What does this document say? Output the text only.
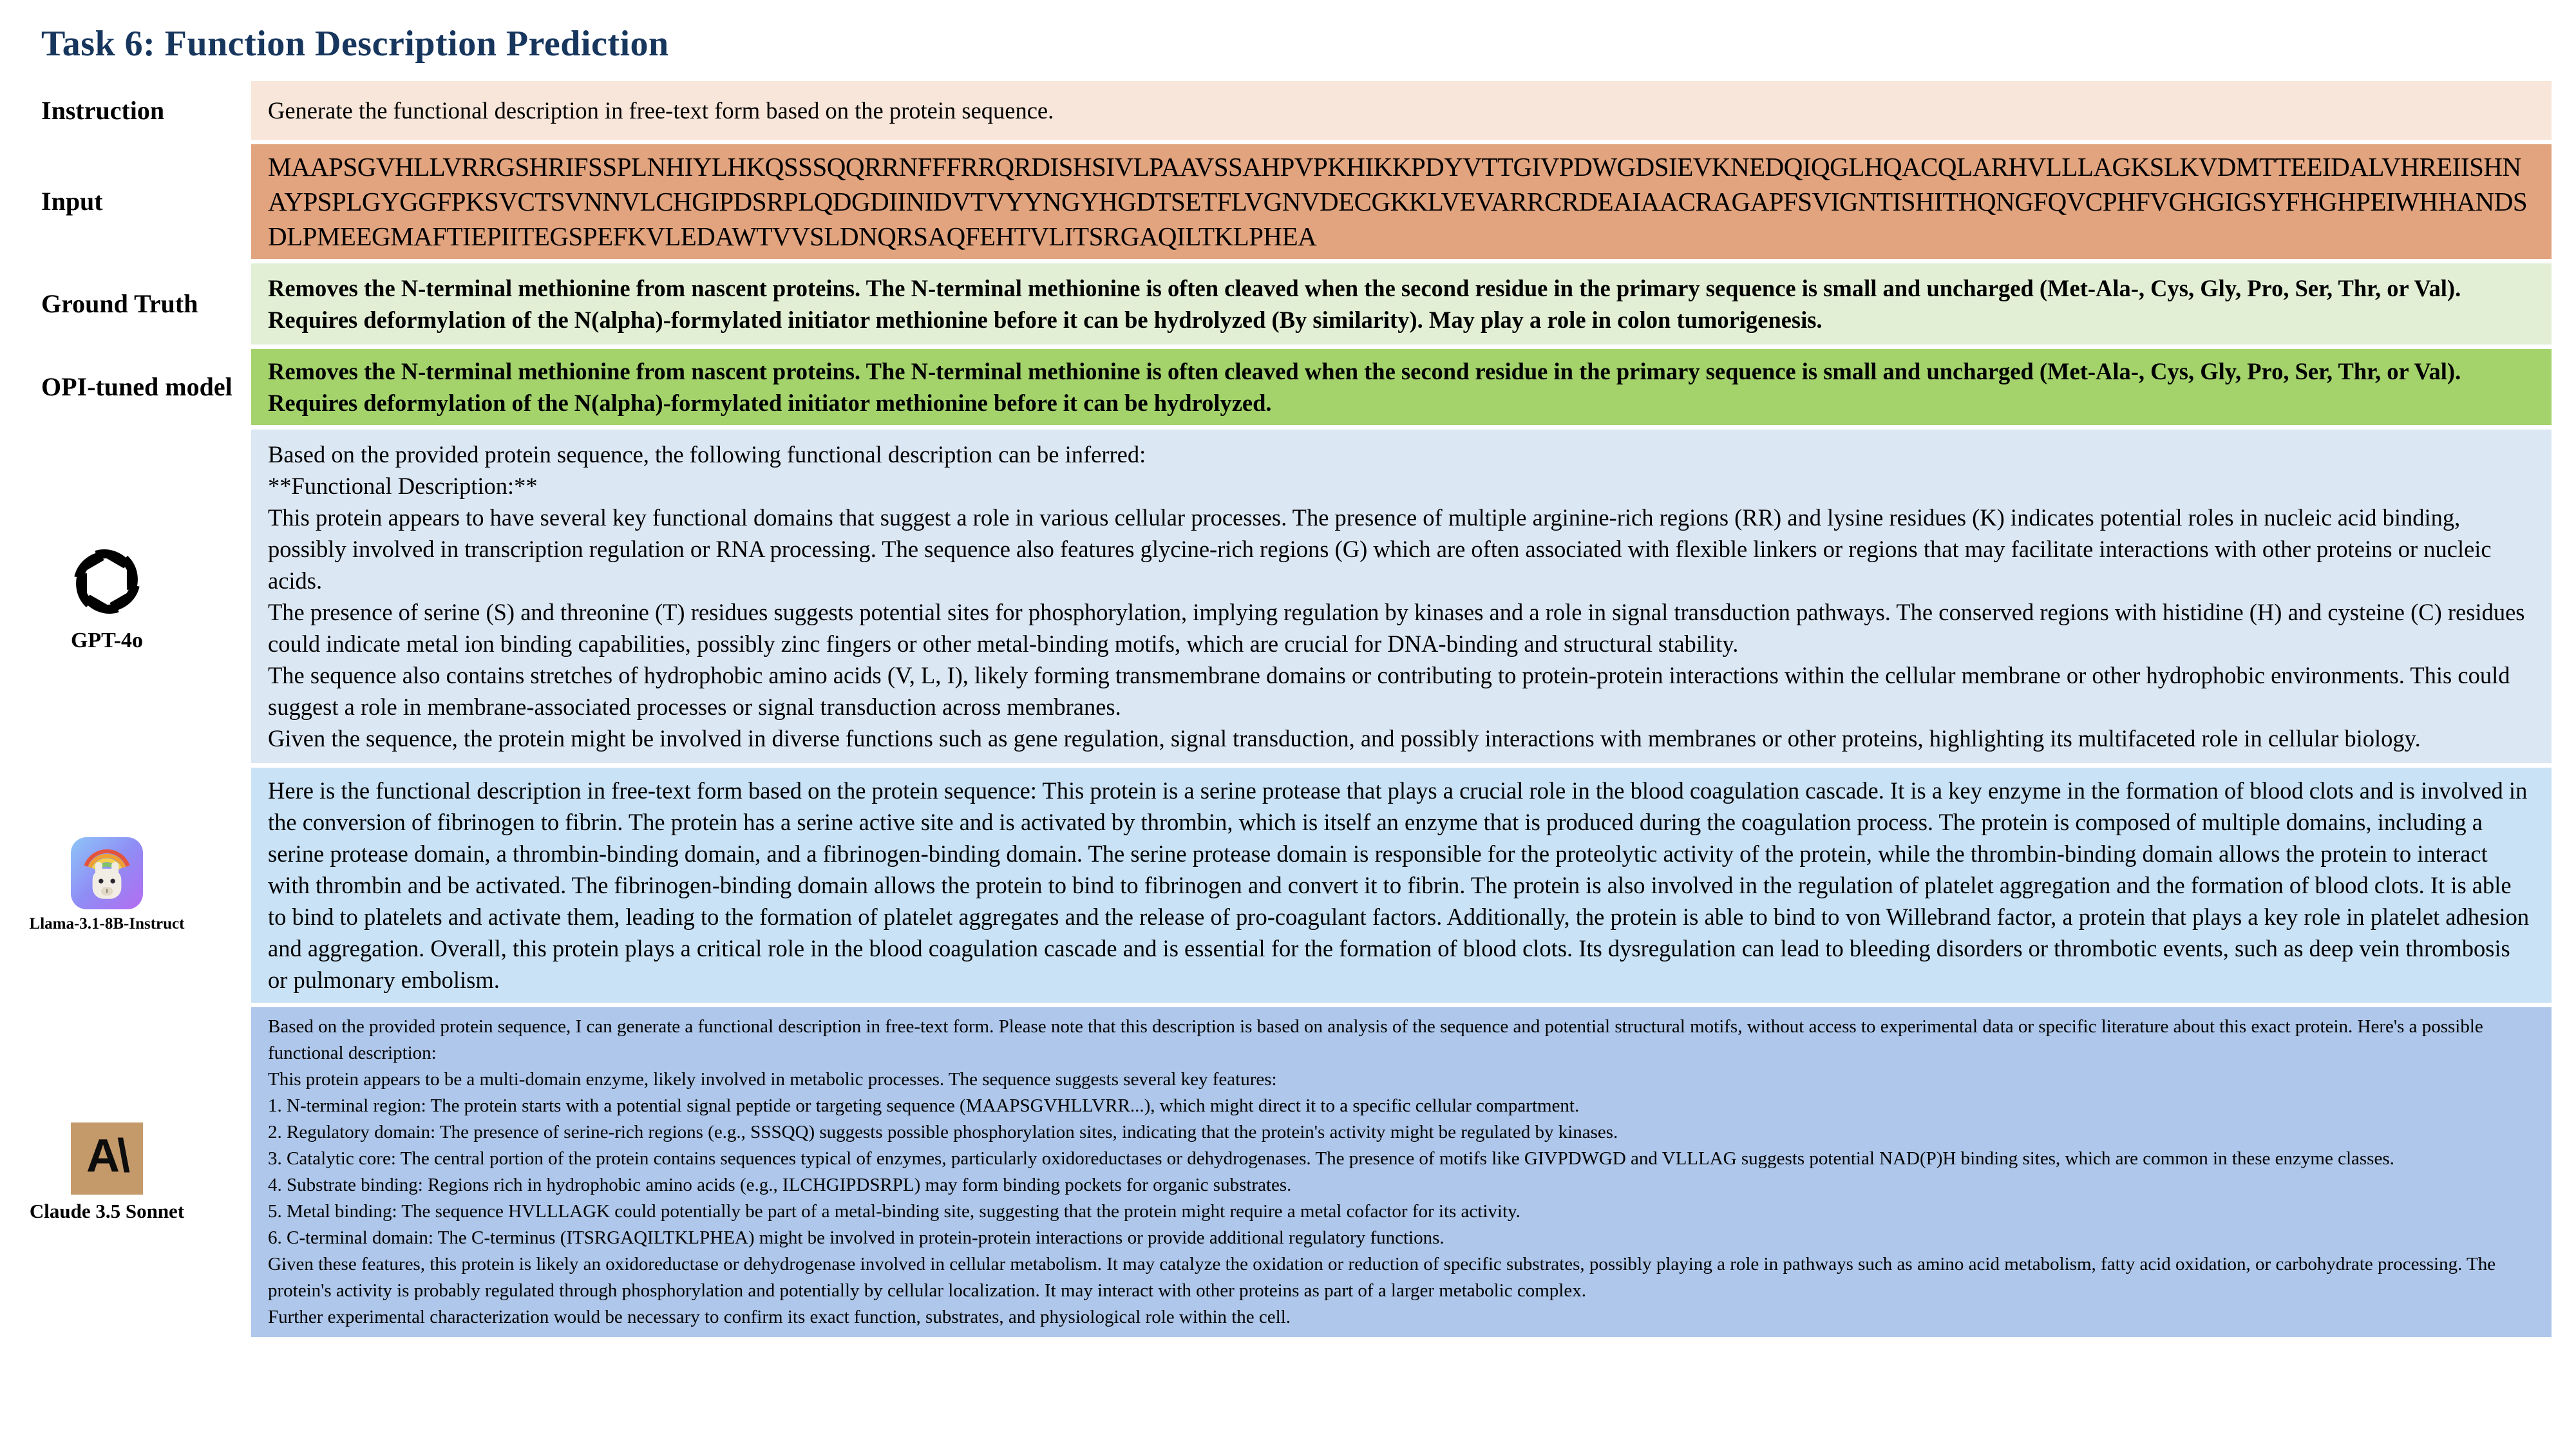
Task 6: Function Description Prediction
Instruction	Generate the functional description in free-text form based on the protein sequence.
Input
MAAPSGVHLLVRRGSHRIFSSPLNHIYLHKQSSSQQRRNFFFRRQRDISHSIVLPAAVSSAHPVPKHIKKPDYVTTGIVPDWGDSIEVKNEDQIQGLHQACQLARHVLLLAGKSLKVDMTTEEIDALVHREIISHNAYPSPLGYGGFPKSVCTSVNNVLCHGIPDSRPLQDGDIINIDVTVYYNGYHGDTSETFLVGNVDECGKKLVEVARRCRDEAIAACRAGAPFSVIGNTISHITHQNGFQVCPHFVGHGIGSYFHGHPEIWHHANDSDLPMEEGMAFTIEPIITEGSPEFKVLEDAWTVVSLDNQRSAQFEHTVLITSRGAQILTKLPHEA
Ground Truth
Removes the N-terminal methionine from nascent proteins. The N-terminal methionine is often cleaved when the second residue in the primary sequence is small and uncharged (Met-Ala-, Cys, Gly, Pro, Ser, Thr, or Val). Requires deformylation of the N(alpha)-formylated initiator methionine before it can be hydrolyzed (By similarity). May play a role in colon tumorigenesis.
OPI-tuned model
Removes the N-terminal methionine from nascent proteins. The N-terminal methionine is often cleaved when the second residue in the primary sequence is small and uncharged (Met-Ala-, Cys, Gly, Pro, Ser, Thr, or Val). Requires deformylation of the N(alpha)-formylated initiator methionine before it can be hydrolyzed.
GPT-4o
Based on the provided protein sequence, the following functional description can be inferred:
**Functional Description:**
This protein appears to have several key functional domains that suggest a role in various cellular processes. The presence of multiple arginine-rich regions (RR) and lysine residues (K) indicates potential roles in nucleic acid binding, possibly involved in transcription regulation or RNA processing. The sequence also features glycine-rich regions (G) which are often associated with flexible linkers or regions that may facilitate interactions with other proteins or nucleic acids.
The presence of serine (S) and threonine (T) residues suggests potential sites for phosphorylation, implying regulation by kinases and a role in signal transduction pathways. The conserved regions with histidine (H) and cysteine (C) residues could indicate metal ion binding capabilities, possibly zinc fingers or other metal-binding motifs, which are crucial for DNA-binding and structural stability.
The sequence also contains stretches of hydrophobic amino acids (V, L, I), likely forming transmembrane domains or contributing to protein-protein interactions within the cellular membrane or other hydrophobic environments. This could suggest a role in membrane-associated processes or signal transduction across membranes.
Given the sequence, the protein might be involved in diverse functions such as gene regulation, signal transduction, and possibly interactions with membranes or other proteins, highlighting its multifaceted role in cellular biology.
Llama-3.1-8B-Instruct
Here is the functional description in free-text form based on the protein sequence: This protein is a serine protease that plays a crucial role in the blood coagulation cascade. It is a key enzyme in the formation of blood clots and is involved in the conversion of fibrinogen to fibrin. The protein has a serine active site and is activated by thrombin, which is itself an enzyme that is produced during the coagulation process. The protein is composed of multiple domains, including a serine protease domain, a thrombin-binding domain, and a fibrinogen-binding domain. The serine protease domain is responsible for the proteolytic activity of the protein, while the thrombin-binding domain allows the protein to interact with thrombin and be activated. The fibrinogen-binding domain allows the protein to bind to fibrinogen and convert it to fibrin. The protein is also involved in the regulation of platelet aggregation and the formation of blood clots. It is able to bind to platelets and activate them, leading to the formation of platelet aggregates and the release of pro-coagulant factors. Additionally, the protein is able to bind to von Willebrand factor, a protein that plays a key role in platelet adhesion and aggregation. Overall, this protein plays a critical role in the blood coagulation cascade and is essential for the formation of blood clots. Its dysregulation can lead to bleeding disorders or thrombotic events, such as deep vein thrombosis or pulmonary embolism.
A\
Claude 3.5 Sonnet
Based on the provided protein sequence, I can generate a functional description in free-text form. Please note that this description is based on analysis of the sequence and potential structural motifs, without access to experimental data or specific literature about this exact protein. Here's a possible functional description:
This protein appears to be a multi-domain enzyme, likely involved in metabolic processes. The sequence suggests several key features:
1. N-terminal region: The protein starts with a potential signal peptide or targeting sequence (MAAPSGVHLLVRR...), which might direct it to a specific cellular compartment.
2. Regulatory domain: The presence of serine-rich regions (e.g., SSSQQ) suggests possible phosphorylation sites, indicating that the protein's activity might be regulated by kinases.
3. Catalytic core: The central portion of the protein contains sequences typical of enzymes, particularly oxidoreductases or dehydrogenases. The presence of motifs like GIVPDWGD and VLLLAG suggests potential NAD(P)H binding sites, which are common in these enzyme classes.
4. Substrate binding: Regions rich in hydrophobic amino acids (e.g., ILCHGIPDSRPL) may form binding pockets for organic substrates.
5. Metal binding: The sequence HVLLLAGK could potentially be part of a metal-binding site, suggesting that the protein might require a metal cofactor for its activity.
6. C-terminal domain: The C-terminus (ITSRGAQILTKLPHEA) might be involved in protein-protein interactions or provide additional regulatory functions.
Given these features, this protein is likely an oxidoreductase or dehydrogenase involved in cellular metabolism. It may catalyze the oxidation or reduction of specific substrates, possibly playing a role in pathways such as amino acid metabolism, fatty acid oxidation, or carbohydrate processing. The protein's activity is probably regulated through phosphorylation and potentially by cellular localization. It may interact with other proteins as part of a larger metabolic complex.
Further experimental characterization would be necessary to confirm its exact function, substrates, and physiological role within the cell.
